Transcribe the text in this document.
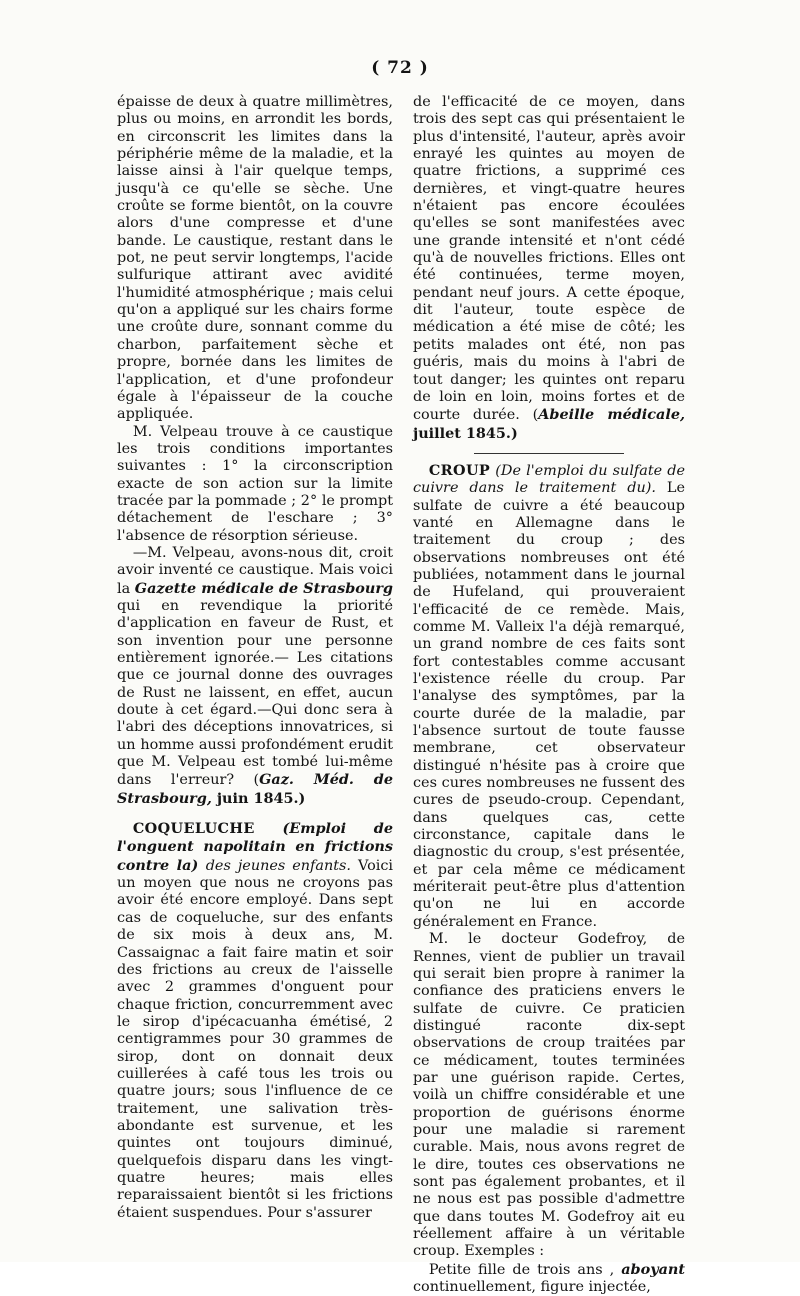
( 72 )

épaisse de deux à quatre millimètres, plus ou moins, en arrondit les bords, en circonscrit les limites dans la périphérie même de la maladie, et la laisse ainsi à l'air quelque temps, jusqu'à ce qu'elle se sèche. Une croûte se forme bientôt, on la couvre alors d'une compresse et d'une bande. Le caustique, restant dans le pot, ne peut servir longtemps, l'acide sulfurique attirant avec avidité l'humidité atmosphérique ; mais celui qu'on a appliqué sur les chairs forme une croûte dure, sonnant comme du charbon, parfaitement sèche et propre, bornée dans les limites de l'application, et d'une profondeur égale à l'épaisseur de la couche appliquée.

M. Velpeau trouve à ce caustique les trois conditions importantes suivantes : 1° la circonscription exacte de son action sur la limite tracée par la pommade ; 2° le prompt détachement de l'eschare ; 3° l'absence de résorption sérieuse.

—M. Velpeau, avons-nous dit, croit avoir inventé ce caustique. Mais voici la Gazette médicale de Strasbourg qui en revendique la priorité d'application en faveur de Rust, et son invention pour une personne entièrement ignorée.— Les citations que ce journal donne des ouvrages de Rust ne laissent, en effet, aucun doute à cet égard.—Qui donc sera à l'abri des déceptions innovatrices, si un homme aussi profondément erudit que M. Velpeau est tombé lui-même dans l'erreur? (Gaz. Méd. de Strasbourg, juin 1845.)

COQUELUCHE (Emploi de l'onguent napolitain en frictions contre la) des jeunes enfants. Voici un moyen que nous ne croyons pas avoir été encore employé. Dans sept cas de coqueluche, sur des enfants de six mois à deux ans, M. Cassaignac a fait faire matin et soir des frictions au creux de l'aisselle avec 2 grammes d'onguent pour chaque friction, concurremment avec le sirop d'ipécacuanha émétisé, 2 centigrammes pour 30 grammes de sirop, dont on donnait deux cuillerées à café tous les trois ou quatre jours; sous l'influence de ce traitement, une salivation très-abondante est survenue, et les quintes ont toujours diminué, quelquefois disparu dans les vingt-quatre heures; mais elles reparaissaient bientôt si les frictions étaient suspendues. Pour s'assurer

de l'efficacité de ce moyen, dans trois des sept cas qui présentaient le plus d'intensité, l'auteur, après avoir enrayé les quintes au moyen de quatre frictions, a supprimé ces dernières, et vingt-quatre heures n'étaient pas encore écoulées qu'elles se sont manifestées avec une grande intensité et n'ont cédé qu'à de nouvelles frictions. Elles ont été continuées, terme moyen, pendant neuf jours. A cette époque, dit l'auteur, toute espèce de médication a été mise de côté; les petits malades ont été, non pas guéris, mais du moins à l'abri de tout danger; les quintes ont reparu de loin en loin, moins fortes et de courte durée. (Abeille médicale, juillet 1845.)

CROUP (De l'emploi du sulfate de cuivre dans le traitement du). Le sulfate de cuivre a été beaucoup vanté en Allemagne dans le traitement du croup ; des observations nombreuses ont été publiées, notamment dans le journal de Hufeland, qui prouveraient l'efficacité de ce remède. Mais, comme M. Valleix l'a déjà remarqué, un grand nombre de ces faits sont fort contestables comme accusant l'existence réelle du croup. Par l'analyse des symptômes, par la courte durée de la maladie, par l'absence surtout de toute fausse membrane, cet observateur distingué n'hésite pas à croire que ces cures nombreuses ne fussent des cures de pseudo-croup. Cependant, dans quelques cas, cette circonstance, capitale dans le diagnostic du croup, s'est présentée, et par cela même ce médicament mériterait peut-être plus d'attention qu'on ne lui en accorde généralement en France.

M. le docteur Godefroy, de Rennes, vient de publier un travail qui serait bien propre à ranimer la confiance des praticiens envers le sulfate de cuivre. Ce praticien distingué raconte dix-sept observations de croup traitées par ce médicament, toutes terminées par une guérison rapide. Certes, voilà un chiffre considérable et une proportion de guérisons énorme pour une maladie si rarement curable. Mais, nous avons regret de le dire, toutes ces observations ne sont pas également probantes, et il ne nous est pas possible d'admettre que dans toutes M. Godefroy ait eu réellement affaire à un véritable croup. Exemples :

Petite fille de trois ans , aboyant continuellement, figure injectée,
